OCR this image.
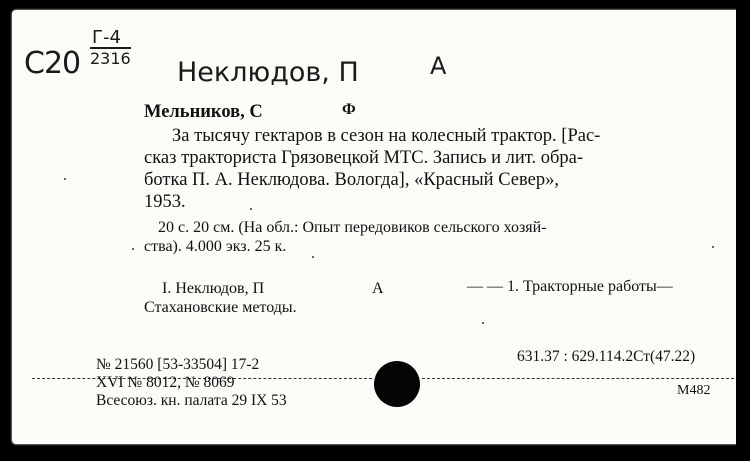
С20
Г-4
2316 Неклюдов, П	А
Мельников, С	Ф
За тысячу гектаров в сезон на колесный трактор. [Рас-
сказ тракториста Грязовецкой МТС. Запись и лит. обра-
ботка П. А. Неклюдова. Вологда], «Красный Север»,
1953.
20 с. 20 см. (На обл.: Опыт передовиков сельского хозяй-
ства). 4.000 экз. 25 к.
I. Неклюдов, П	А	— — 1. Тракторные работы—
Стахановские методы.
631.37 : 629.114.2Ст(47.22)
№ 21560 [53-33504] 17-2
XVI № 8012, № 8069
Всесоюз. кн. палата 29 IX 53
М482
